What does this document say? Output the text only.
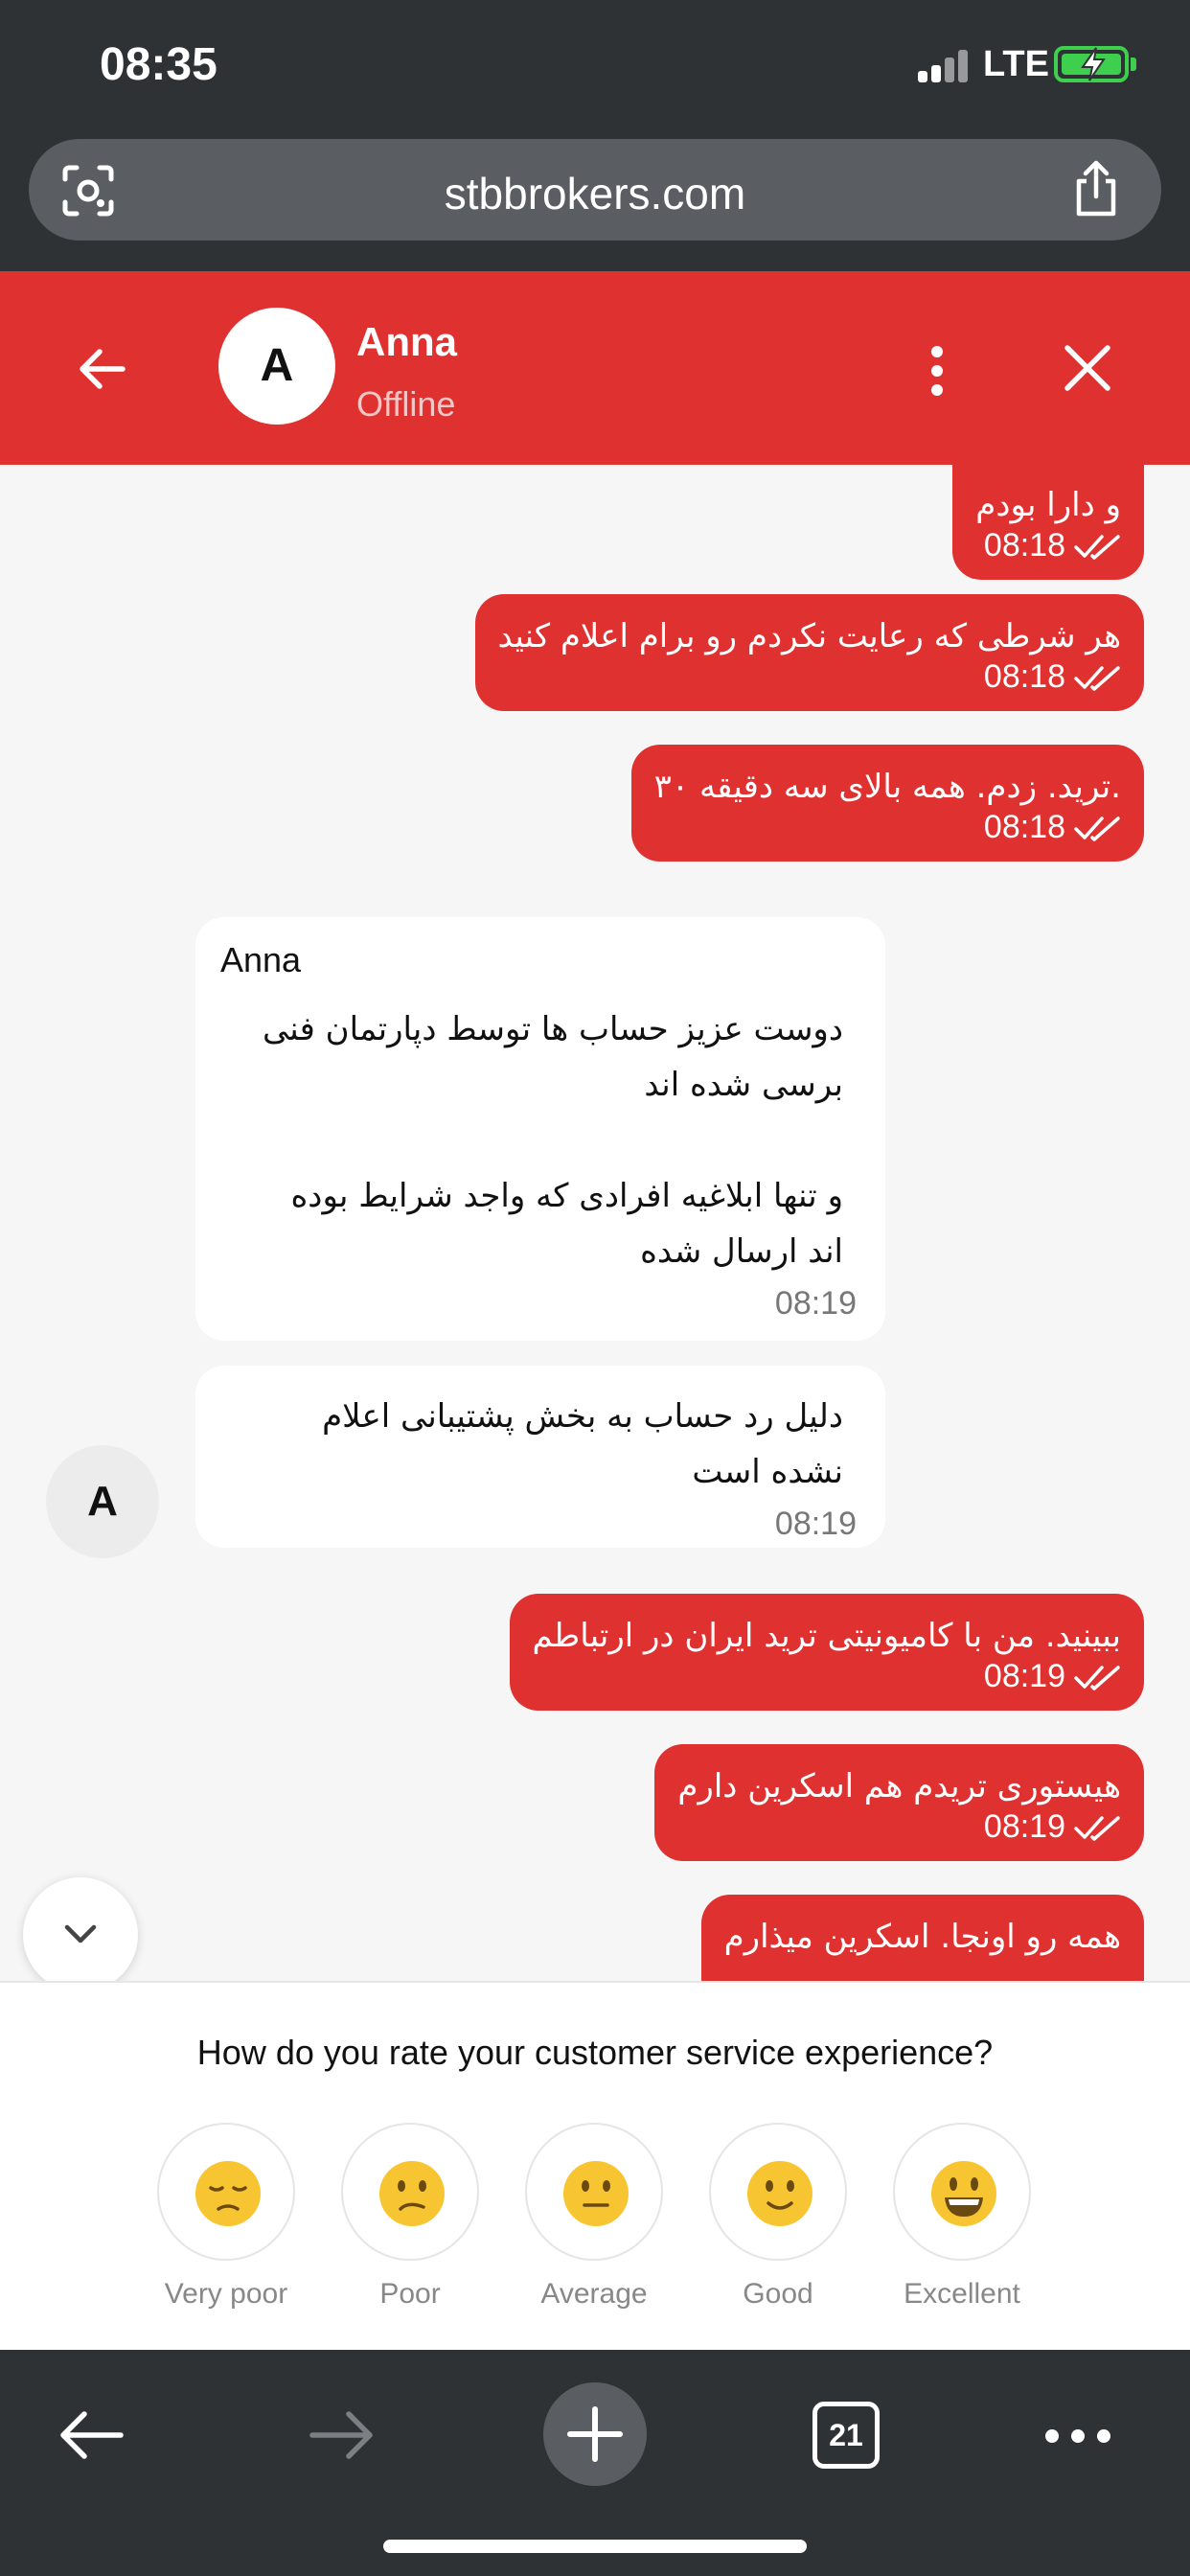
08:35	LTE
stbbrokers.com
A	Anna
Offline
و دارا بودم
08:18
هر شرطی که رعایت نکردم رو برام اعلام کنید
08:18
.ترید. زدم. همه بالای سه دقیقه ۳۰
08:18
Anna
دوست عزیز حساب ها توسط دپارتمان فنی برسی شده اند

و تنها ابلاغیه افرادی که واجد شرایط بوده اند ارسال شده
08:19
دلیل رد حساب به بخش پشتیبانی اعلام نشده است
08:19
A
ببینید. من با کامیونیتی ترید ایران در ارتباطم
08:19
هیستوری تریدم هم اسکرین دارم
08:19
همه رو اونجا. اسکرین میذارم
How do you rate your customer service experience?
Very poor	Poor	Average	Good	Excellent
21
